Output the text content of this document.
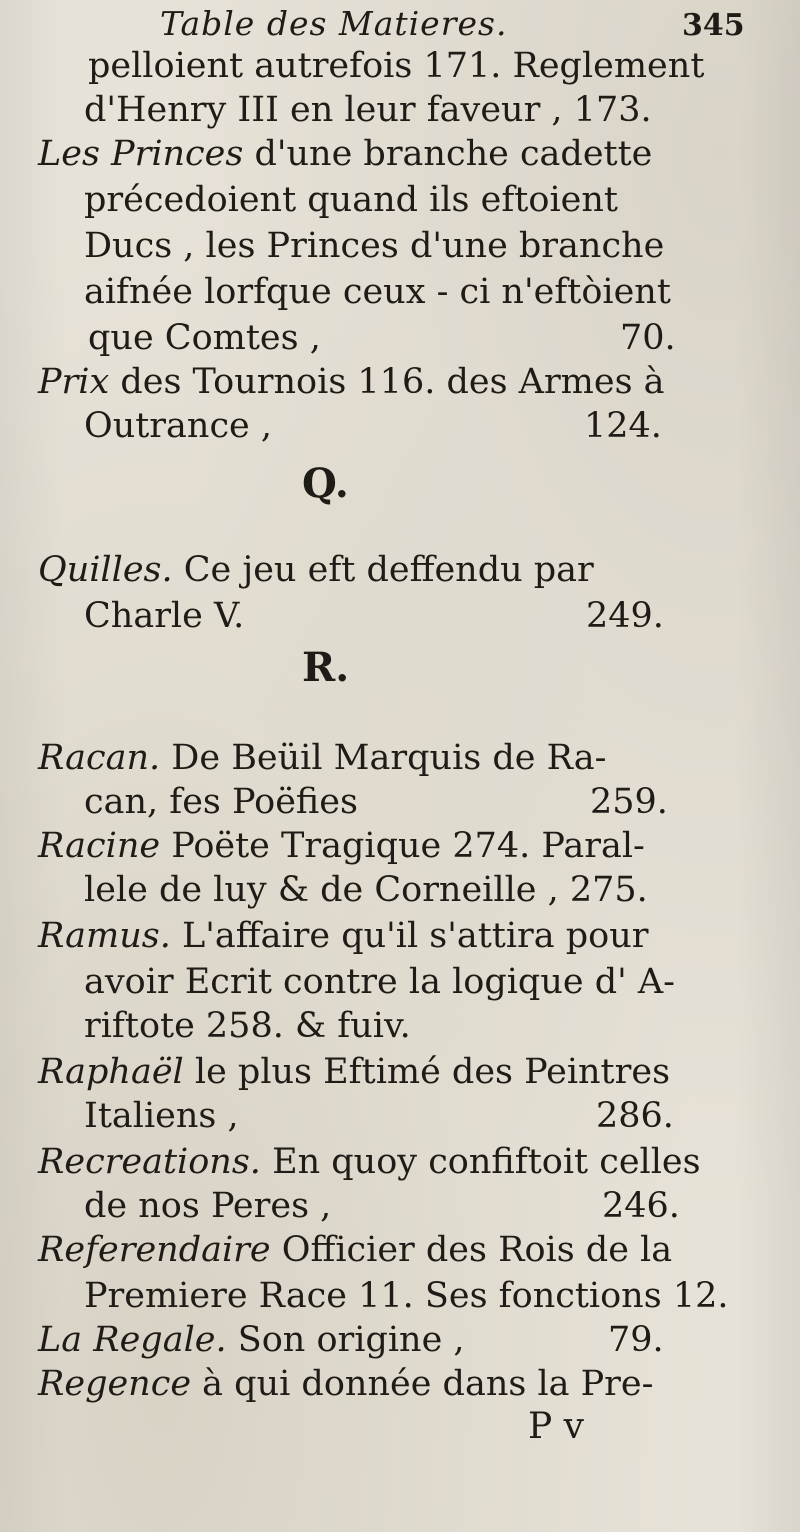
Table des Matieres.	345
pelloient autrefois 171. Reglement
d'Henry III en leur faveur , 173.
Les Princes d'une branche cadette
précedoient quand ils eftoient
Ducs , les Princes d'une branche
aifnée lorfque ceux - ci n'eftòient
que Comtes ,	70.
Prix des Tournois 116. des Armes à
Outrance ,	124.
Q.
Quilles. Ce jeu eft deffendu par
Charle V.	249.
R.
Racan. De Beüil Marquis de Ra-
can, fes Poëfies	259.
Racine Poëte Tragique 274. Paral-
lele de luy & de Corneille , 275.
Ramus. L'affaire qu'il s'attira pour
avoir Ecrit contre la logique d' A-
riftote 258. & fuiv.
Raphaël le plus Eftimé des Peintres
Italiens ,	286.
Recreations. En quoy confiftoit celles
de nos Peres ,	246.
Referendaire Officier des Rois de la
Premiere Race 11. Ses fonctions 12.
La Regale. Son origine ,	79.
Regence à qui donnée dans la Pre-
P v
